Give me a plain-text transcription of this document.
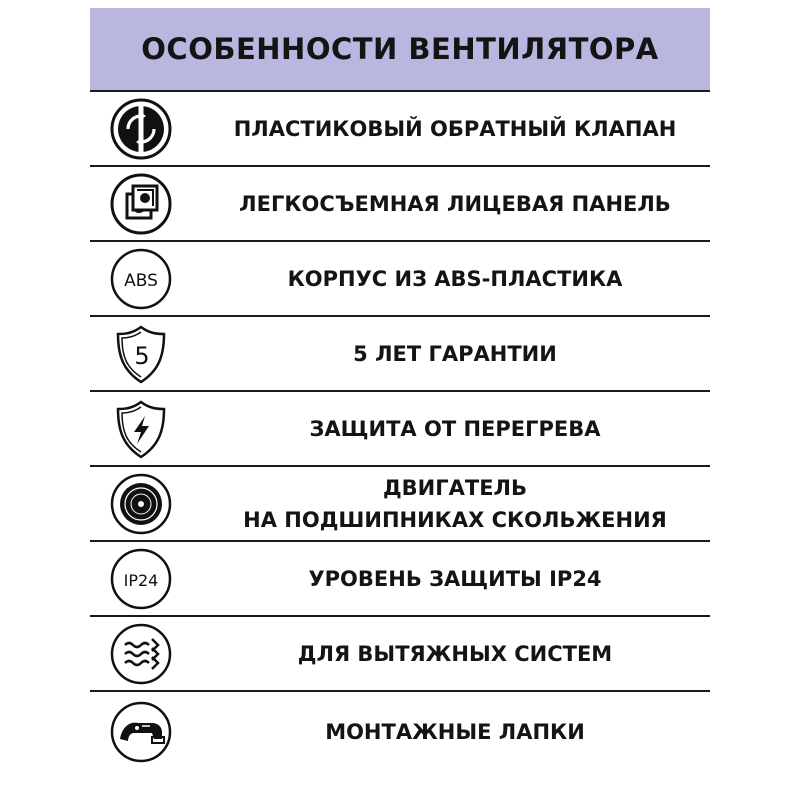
ОСОБЕННОСТИ ВЕНТИЛЯТОРА
ПЛАСТИКОВЫЙ ОБРАТНЫЙ КЛАПАН
ЛЕГКОСЪЕМНАЯ ЛИЦЕВАЯ ПАНЕЛЬ
ABS	КОРПУС ИЗ ABS-ПЛАСТИКА
5	5 ЛЕТ ГАРАНТИИ
ЗАЩИТА ОТ ПЕРЕГРЕВА
ДВИГАТЕЛЬ
НА ПОДШИПНИКАХ СКОЛЬЖЕНИЯ
IP24	УРОВЕНЬ ЗАЩИТЫ IP24
ДЛЯ ВЫТЯЖНЫХ СИСТЕМ
МОНТАЖНЫЕ ЛАПКИ
